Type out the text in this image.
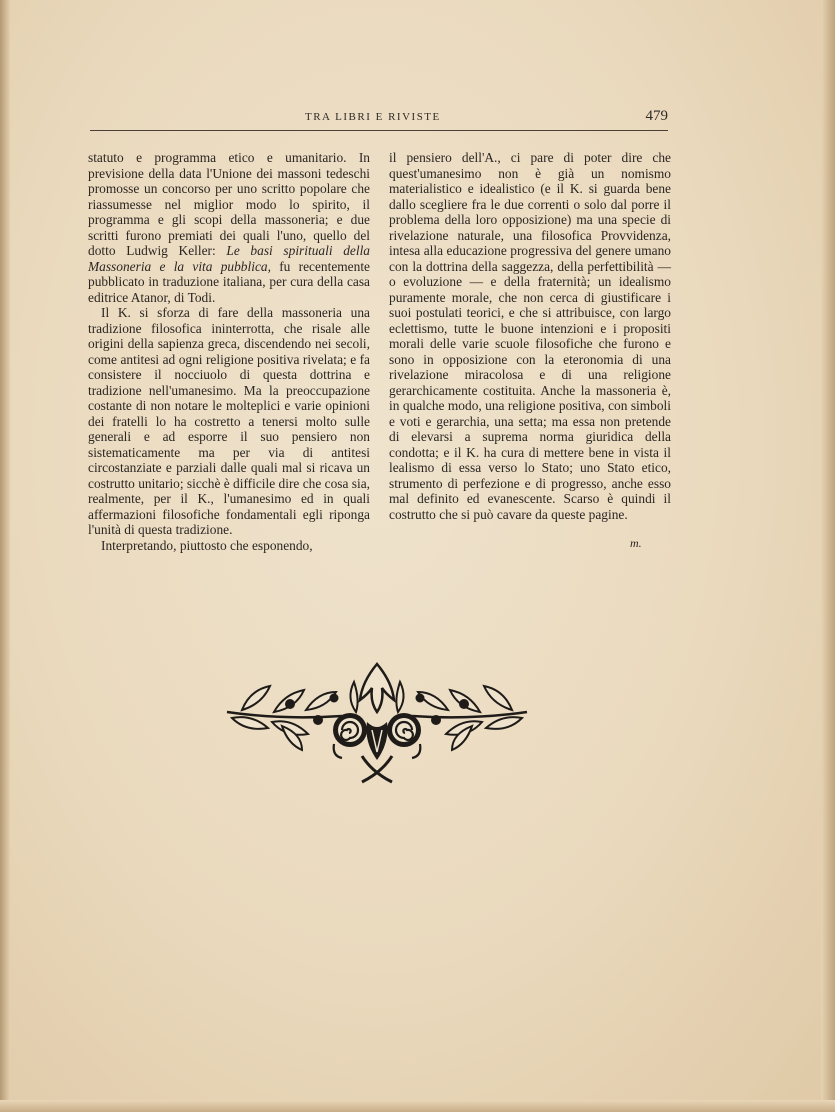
TRA LIBRI E RIVISTE	479

statuto e programma etico e umanitario. In previsione della data l'Unione dei massoni tedeschi promosse un concorso per uno scritto popolare che riassumesse nel miglior modo lo spirito, il programma e gli scopi della massoneria; e due scritti furono premiati dei quali l'uno, quello del dotto Ludwig Keller: Le basi spirituali della Massoneria e la vita pubblica, fu recentemente pubblicato in traduzione italiana, per cura della casa editrice Atanor, di Todi.

Il K. si sforza di fare della massoneria una tradizione filosofica ininterrotta, che risale alle origini della sapienza greca, discendendo nei secoli, come antitesi ad ogni religione positiva rivelata; e fa consistere il nocciuolo di questa dottrina e tradizione nell'umanesimo. Ma la preoccupazione costante di non notare le molteplici e varie opinioni dei fratelli lo ha costretto a tenersi molto sulle generali e ad esporre il suo pensiero non sistematicamente ma per via di antitesi circostanziate e parziali dalle quali mal si ricava un costrutto unitario; sicchè è difficile dire che cosa sia, realmente, per il K., l'umanesimo ed in quali affermazioni filosofiche fondamentali egli riponga l'unità di questa tradizione.

Interpretando, piuttosto che esponendo,

il pensiero dell'A., ci pare di poter dire che quest'umanesimo non è già un nomismo materialistico e idealistico (e il K. si guarda bene dallo scegliere fra le due correnti o solo dal porre il problema della loro opposizione) ma una specie di rivelazione naturale, una filosofica Provvidenza, intesa alla educazione progressiva del genere umano con la dottrina della saggezza, della perfettibilità — o evoluzione — e della fraternità; un idealismo puramente morale, che non cerca di giustificare i suoi postulati teorici, e che si attribuisce, con largo eclettismo, tutte le buone intenzioni e i propositi morali delle varie scuole filosofiche che furono e sono in opposizione con la eteronomia di una rivelazione miracolosa e di una religione gerarchicamente costituita. Anche la massoneria è, in qualche modo, una religione positiva, con simboli e voti e gerarchia, una setta; ma essa non pretende di elevarsi a suprema norma giuridica della condotta; e il K. ha cura di mettere bene in vista il lealismo di essa verso lo Stato; uno Stato etico, strumento di perfezione e di progresso, anche esso mal definito ed evanescente. Scarso è quindi il costrutto che si può cavare da queste pagine.

m.
